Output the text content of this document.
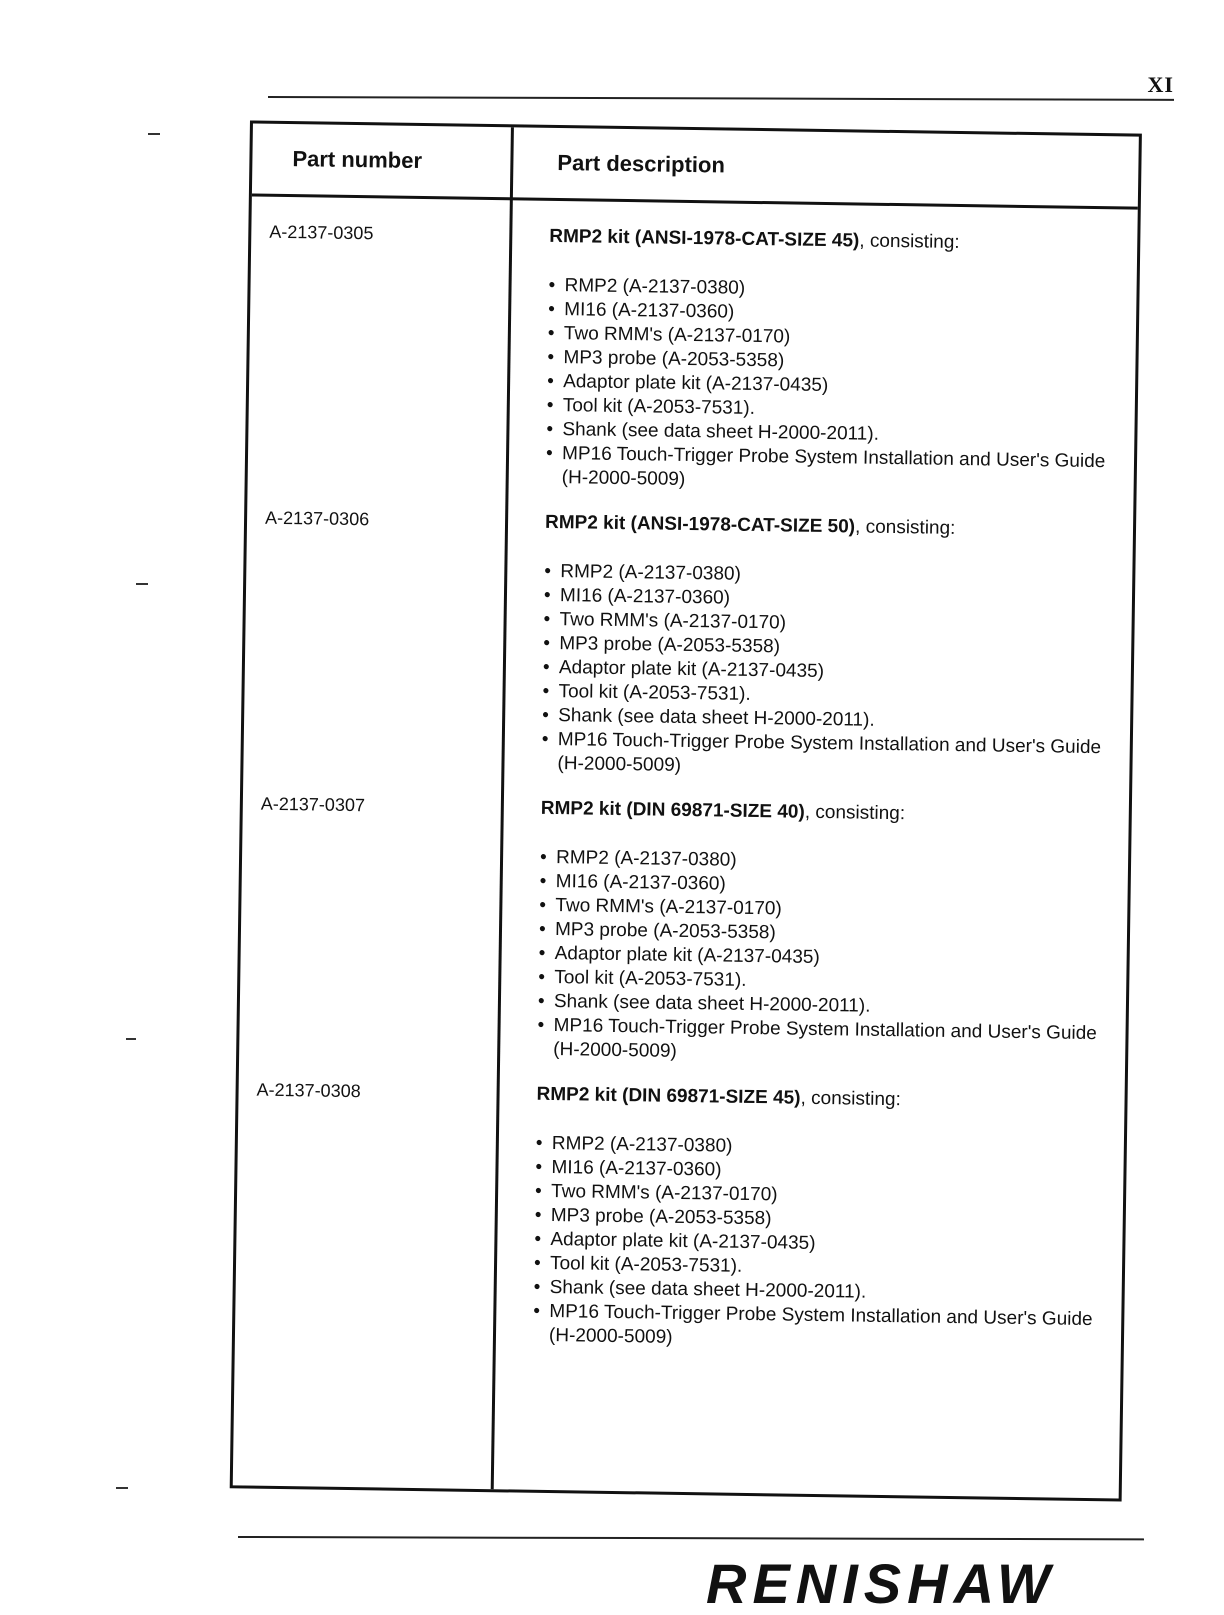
XI
Part number	Part description
A-2137-0305	RMP2 kit (ANSI-1978-CAT-SIZE 45), consisting:

• RMP2 (A-2137-0380)
• MI16 (A-2137-0360)
• Two RMM's (A-2137-0170)
• MP3 probe (A-2053-5358)
• Adaptor plate kit (A-2137-0435)
• Tool kit (A-2053-7531).
• Shank (see data sheet H-2000-2011).
• MP16 Touch-Trigger Probe System Installation and User's Guide (H-2000-5009)
A-2137-0306	RMP2 kit (ANSI-1978-CAT-SIZE 50), consisting:

• RMP2 (A-2137-0380)
• MI16 (A-2137-0360)
• Two RMM's (A-2137-0170)
• MP3 probe (A-2053-5358)
• Adaptor plate kit (A-2137-0435)
• Tool kit (A-2053-7531).
• Shank (see data sheet H-2000-2011).
• MP16 Touch-Trigger Probe System Installation and User's Guide (H-2000-5009)
A-2137-0307	RMP2 kit (DIN 69871-SIZE 40), consisting:

• RMP2 (A-2137-0380)
• MI16 (A-2137-0360)
• Two RMM's (A-2137-0170)
• MP3 probe (A-2053-5358)
• Adaptor plate kit (A-2137-0435)
• Tool kit (A-2053-7531).
• Shank (see data sheet H-2000-2011).
• MP16 Touch-Trigger Probe System Installation and User's Guide (H-2000-5009)
A-2137-0308	RMP2 kit (DIN 69871-SIZE 45), consisting:

• RMP2 (A-2137-0380)
• MI16 (A-2137-0360)
• Two RMM's (A-2137-0170)
• MP3 probe (A-2053-5358)
• Adaptor plate kit (A-2137-0435)
• Tool kit (A-2053-7531).
• Shank (see data sheet H-2000-2011).
• MP16 Touch-Trigger Probe System Installation and User's Guide (H-2000-5009)
RENISHAW
